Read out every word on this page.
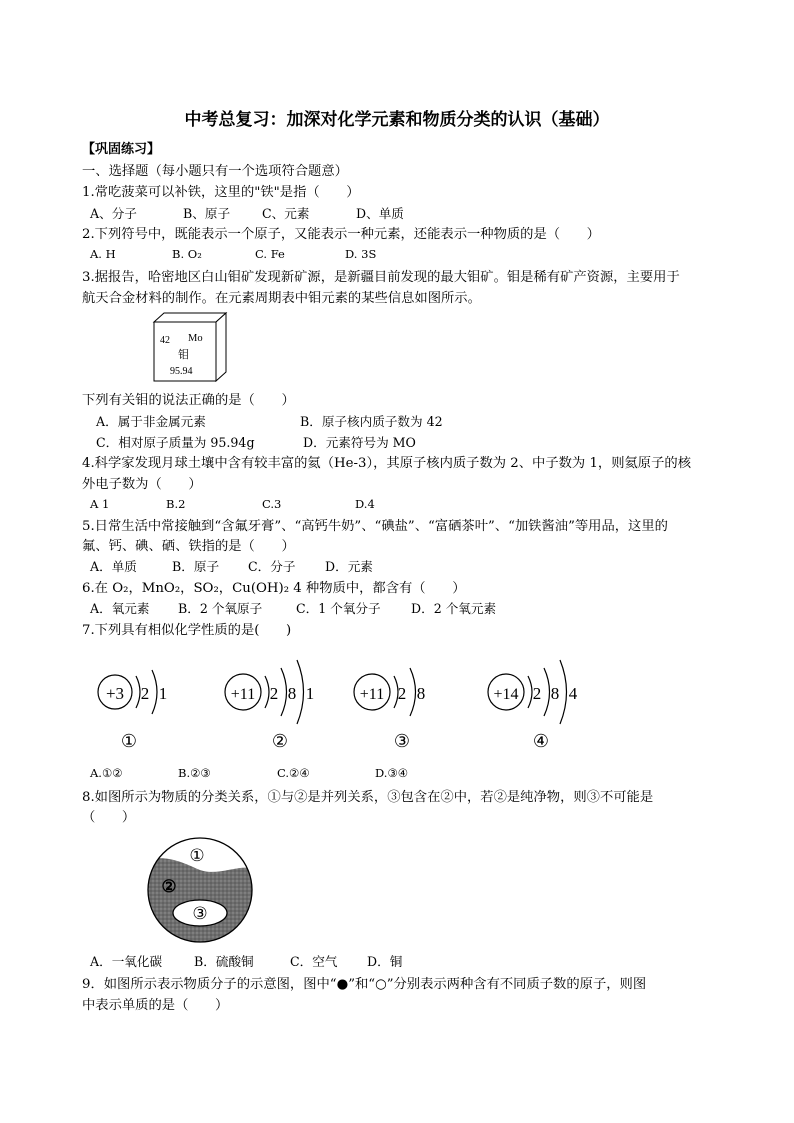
中考总复习：加深对化学元素和物质分类的认识（基础）
【巩固练习】
一、选择题（每小题只有一个选项符合题意）
1.常吃菠菜可以补铁，这里的"铁"是指（　　）
A、分子	B、原子	C、元素	D、单质
2.下列符号中，既能表示一个原子，又能表示一种元素，还能表示一种物质的是（　　）
A. H	B. O₂	C. Fe	D. 3S
3.据报告，哈密地区白山钼矿发现新矿源，是新疆目前发现的最大钼矿。钼是稀有矿产资源，主要用于
航天合金材料的制作。在元素周期表中钼元素的某些信息如图所示。
42 Mo
钼
95.94
下列有关钼的说法正确的是（　　）
A．属于非金属元素	B．原子核内质子数为 42
C．相对原子质量为 95.94g	D．元素符号为 MO
4.科学家发现月球土壤中含有较丰富的氦（He-3），其原子核内质子数为 2、中子数为 1，则氦原子的核
外电子数为（　　）
A 1	B.2	C.3	D.4
5.日常生活中常接触到“含氟牙膏”、“高钙牛奶”、“碘盐”、“富硒茶叶”、“加铁酱油”等用品，这里的
氟、钙、碘、硒、铁指的是（　　）
A．单质	B．原子 C．分子 D．元素
6.在 O₂，MnO₂，SO₂，Cu(OH)₂ 4 种物质中，都含有（　　）
A．氧元素 B．2 个氧原子	C．1 个氧分子 D．2 个氧元素
7.下列具有相似化学性质的是(　　)
+3 2 1
①
+11 2 8 1
②
+11 2 8
③
+14 2 8 4
④
A.①②	B.②③	C.②④	D.③④
8.如图所示为物质的分类关系，①与②是并列关系，③包含在②中，若②是纯净物，则③不可能是
（　　）
①
②
③
A．一氧化碳	B．硫酸铜	C．空气 D．铜
9．如图所示表示物质分子的示意图，图中“●”和“○”分别表示两种含有不同质子数的原子，则图
中表示单质的是（　　）
